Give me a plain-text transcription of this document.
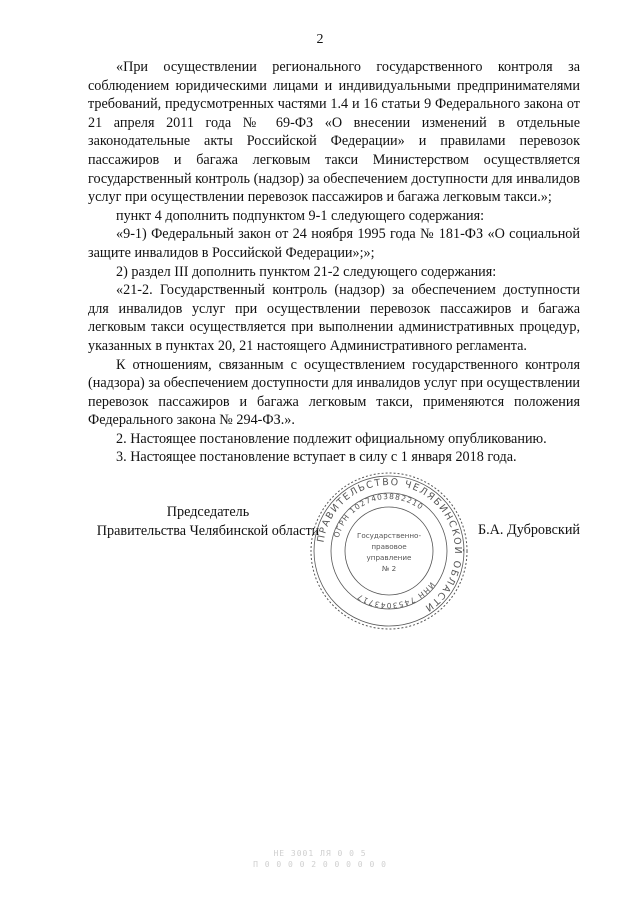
2

«При осуществлении регионального государственного контроля за соблюдением юридическими лицами и индивидуальными предпринимателями требований, предусмотренных частями 1.4 и 16 статьи 9 Федерального закона от 21 апреля 2011 года № 69-ФЗ «О внесении изменений в отдельные законодательные акты Российской Федерации» и правилами перевозок пассажиров и багажа легковым такси Министерством осуществляется государственный контроль (надзор) за обеспечением доступности для инвалидов услуг при осуществлении перевозок пассажиров и багажа легковым такси.»;

пункт 4 дополнить подпунктом 9-1 следующего содержания:

«9-1) Федеральный закон от 24 ноября 1995 года № 181-ФЗ «О социальной защите инвалидов в Российской Федерации»;»;

2) раздел III дополнить пунктом 21-2 следующего содержания:

«21-2. Государственный контроль (надзор) за обеспечением доступности для инвалидов услуг при осуществлении перевозок пассажиров и багажа легковым такси осуществляется при выполнении административных процедур, указанных в пунктах 20, 21 настоящего Административного регламента.

К отношениям, связанным с осуществлением государственного контроля (надзора) за обеспечением доступности для инвалидов услуг при осуществлении перевозок пассажиров и багажа легковым такси, применяются положения Федерального закона № 294-ФЗ.».

2. Настоящее постановление подлежит официальному опубликованию.

3. Настоящее постановление вступает в силу с 1 января 2018 года.

Председатель
Правительства Челябинской области	Б.А. Дубровский
ПРАВИТЕЛЬСТВО ЧЕЛЯБИНСКОЙ ОБЛАСТИ
ОГРН 1027403882210
ИНН 7453043717
Государственно-
правовое
управление
№ 2
НЕ 3001 ЛЯ 0 0 5
П 0 0 0 0 2 0 0 0 0 0 0
